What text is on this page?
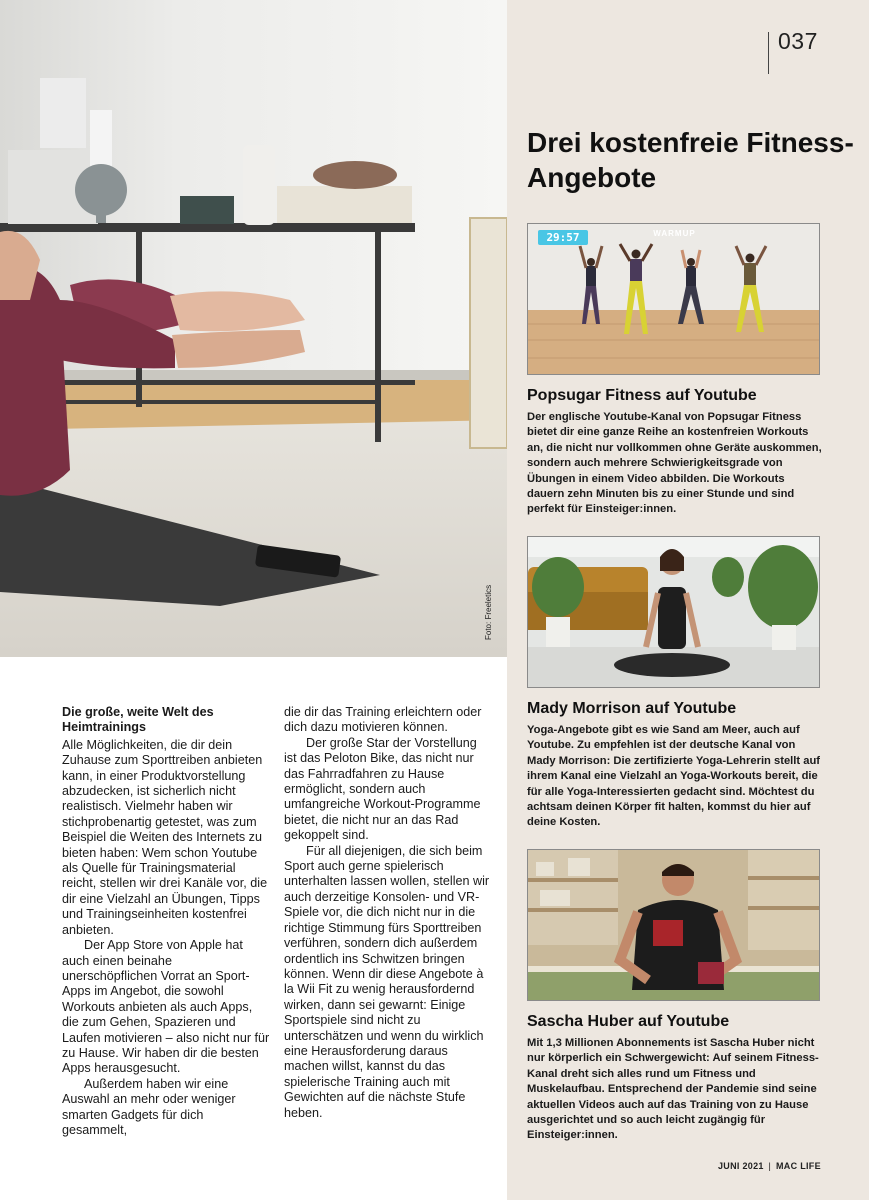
037
Drei kostenfreie Fitness-Angebote
29:57	WARMUP
Popsugar Fitness auf Youtube
Der englische Youtube-Kanal von Popsugar Fitness bietet dir eine ganze Reihe an kostenfreien Workouts an, die nicht nur vollkommen ohne Geräte auskommen, sondern auch mehrere Schwierigkeitsgrade von Übungen in einem Video abbilden. Die Workouts dauern zehn Minuten bis zu einer Stunde und sind perfekt für Einsteiger:innen.
Mady Morrison auf Youtube
Yoga-Angebote gibt es wie Sand am Meer, auch auf Youtube. Zu empfehlen ist der deutsche Kanal von Mady Morrison: Die zertifizierte Yoga-Lehrerin stellt auf ihrem Kanal eine Vielzahl an Yoga-Workouts bereit, die für alle Yoga-Interessierten gedacht sind. Möchtest du achtsam deinen Körper fit halten, kommst du hier auf deine Kosten.
Sascha Huber auf Youtube
Mit 1,3 Millionen Abonnements ist Sascha Huber nicht nur körperlich ein Schwergewicht: Auf seinem Fitness-Kanal dreht sich alles rund um Fitness und Muskelaufbau. Entsprechend der Pandemie sind seine aktuellen Videos auch auf das Training von zu Hause ausgerichtet und so auch leicht zugängig für Einsteiger:innen.
JUNI 2021 | MAC LIFE
Foto: Freeletics
Die große, weite Welt des Heimtrainings

Alle Möglichkeiten, die dir dein Zuhause zum Sporttreiben anbieten kann, in einer Produktvorstellung abzudecken, ist sicherlich nicht realistisch. Vielmehr haben wir stichprobenartig getestet, was zum Beispiel die Weiten des Internets zu bieten haben: Wem schon Youtube als Quelle für Trainingsmaterial reicht, stellen wir drei Kanäle vor, die dir eine Vielzahl an Übungen, Tipps und Trainingseinheiten kostenfrei anbieten.

Der App Store von Apple hat auch einen beinahe unerschöpflichen Vorrat an Sport-Apps im Angebot, die sowohl Workouts anbieten als auch Apps, die zum Gehen, Spazieren und Laufen motivieren – also nicht nur für zu Hause. Wir haben dir die besten Apps herausgesucht.

Außerdem haben wir eine Auswahl an mehr oder weniger smarten Gadgets für dich gesammelt,

die dir das Training erleichtern oder dich dazu motivieren können.

Der große Star der Vorstellung ist das Peloton Bike, das nicht nur das Fahrradfahren zu Hause ermöglicht, sondern auch umfangreiche Workout-Programme bietet, die nicht nur an das Rad gekoppelt sind.

Für all diejenigen, die sich beim Sport auch gerne spielerisch unterhalten lassen wollen, stellen wir auch derzeitige Konsolen- und VR-Spiele vor, die dich nicht nur in die richtige Stimmung fürs Sporttreiben verführen, sondern dich außerdem ordentlich ins Schwitzen bringen können. Wenn dir diese Angebote à la Wii Fit zu wenig herausfordernd wirken, dann sei gewarnt: Einige Sportspiele sind nicht zu unterschätzen und wenn du wirklich eine Herausforderung daraus machen willst, kannst du das spielerische Training auch mit Gewichten auf die nächste Stufe heben.
